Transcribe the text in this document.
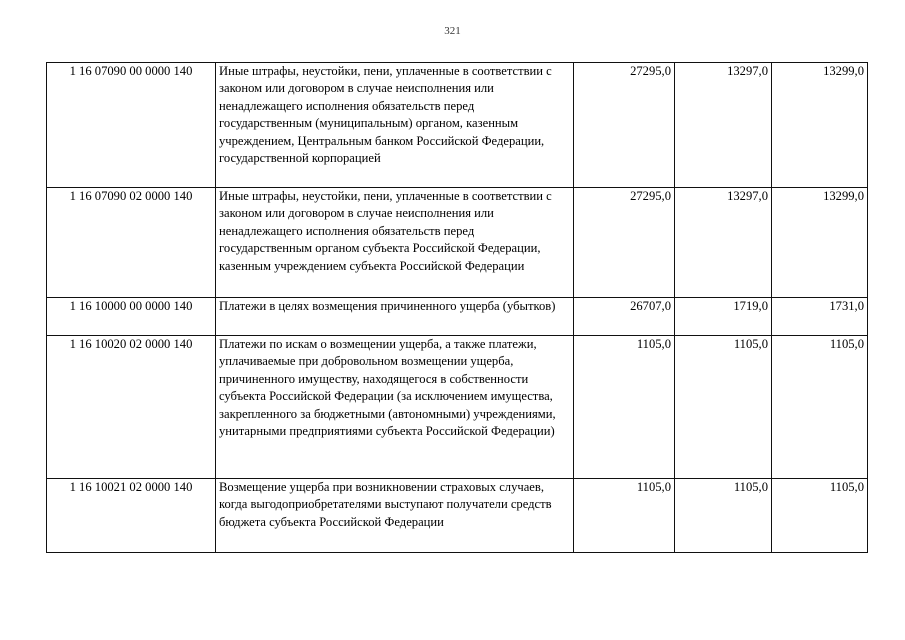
321
1 16 07090 00 0000 140	Иные штрафы, неустойки, пени, уплаченные в соответствии с законом или договором в случае неисполнения или ненадлежащего исполнения обязательств перед государственным (муниципальным) органом, казенным учреждением, Центральным банком Российской Федерации, государственной корпорацией	27295,0	13297,0	13299,0
1 16 07090 02 0000 140	Иные штрафы, неустойки, пени, уплаченные в соответствии с законом или договором в случае неисполнения или ненадлежащего исполнения обязательств перед государственным органом субъекта Российской Федерации, казенным учреждением субъекта Российской Федерации	27295,0	13297,0	13299,0
1 16 10000 00 0000 140	Платежи в целях возмещения причиненного ущерба (убытков)	26707,0	1719,0	1731,0
1 16 10020 02 0000 140	Платежи по искам о возмещении ущерба, а также платежи, уплачиваемые при добровольном возмещении ущерба, причиненного имуществу, находящегося в собственности субъекта Российской Федерации (за исключением имущества, закрепленного за бюджетными (автономными) учреждениями, унитарными предприятиями субъекта Российской Федерации)	1105,0	1105,0	1105,0
1 16 10021 02 0000 140	Возмещение ущерба при возникновении страховых случаев, когда выгодоприобретателями выступают получатели средств бюджета субъекта Российской Федерации	1105,0	1105,0	1105,0
